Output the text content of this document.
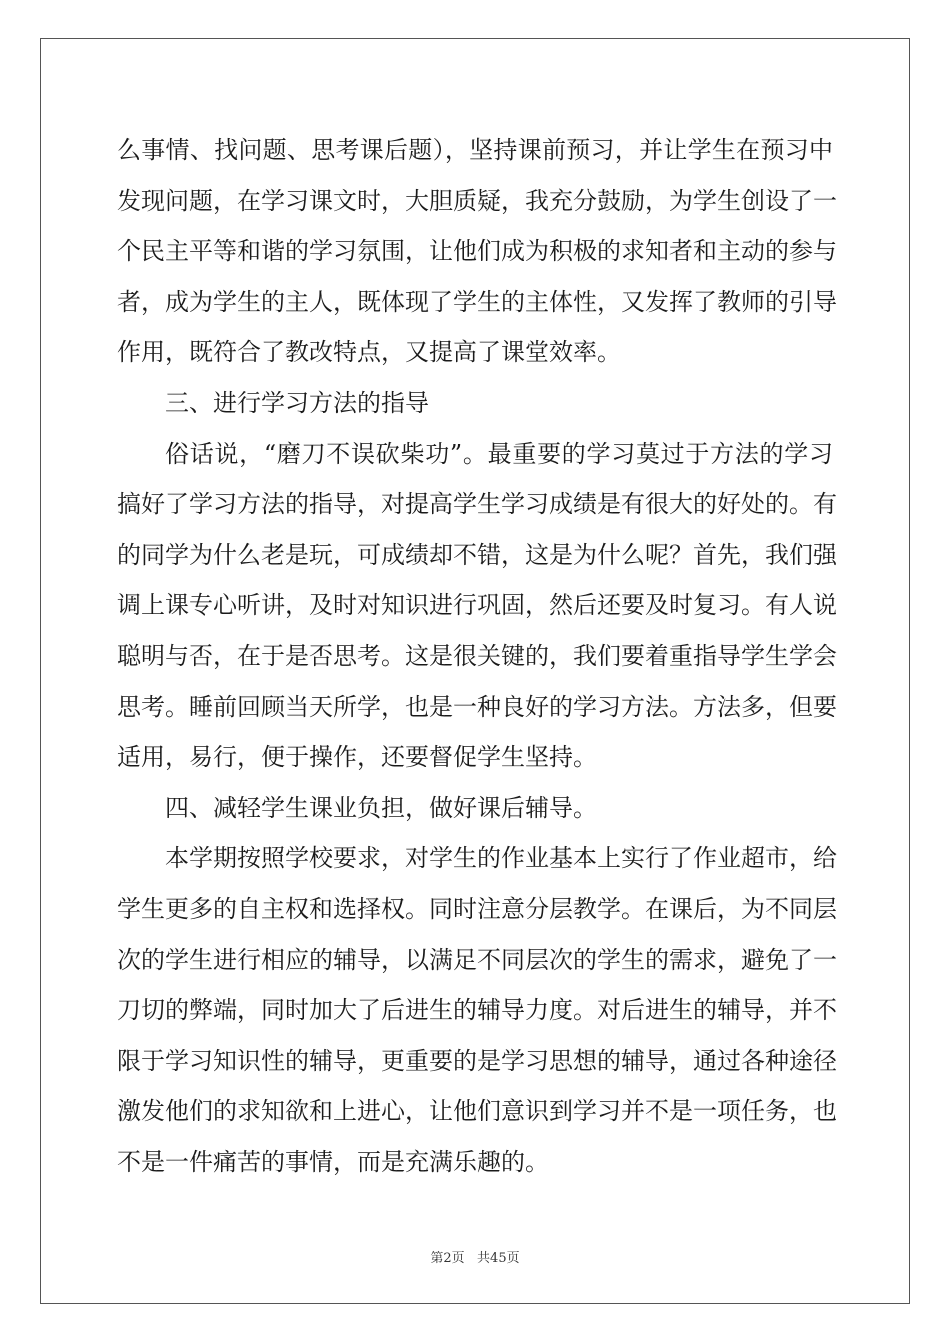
么事情、找问题、思考课后题），坚持课前预习，并让学生在预习中
发现问题，在学习课文时，大胆质疑，我充分鼓励，为学生创设了一
个民主平等和谐的学习氛围，让他们成为积极的求知者和主动的参与
者，成为学生的主人，既体现了学生的主体性，又发挥了教师的引导
作用，既符合了教改特点，又提高了课堂效率。
三、进行学习方法的指导
俗话说，“磨刀不误砍柴功”。最重要的学习莫过于方法的学习
搞好了学习方法的指导，对提高学生学习成绩是有很大的好处的。有
的同学为什么老是玩，可成绩却不错，这是为什么呢？首先，我们强
调上课专心听讲，及时对知识进行巩固，然后还要及时复习。有人说
聪明与否，在于是否思考。这是很关键的，我们要着重指导学生学会
思考。睡前回顾当天所学，也是一种良好的学习方法。方法多，但要
适用，易行，便于操作，还要督促学生坚持。
四、减轻学生课业负担，做好课后辅导。
本学期按照学校要求，对学生的作业基本上实行了作业超市，给
学生更多的自主权和选择权。同时注意分层教学。在课后，为不同层
次的学生进行相应的辅导，以满足不同层次的学生的需求，避免了一
刀切的弊端，同时加大了后进生的辅导力度。对后进生的辅导，并不
限于学习知识性的辅导，更重要的是学习思想的辅导，通过各种途径
激发他们的求知欲和上进心，让他们意识到学习并不是一项任务，也
不是一件痛苦的事情，而是充满乐趣的。
第2页   共45页
